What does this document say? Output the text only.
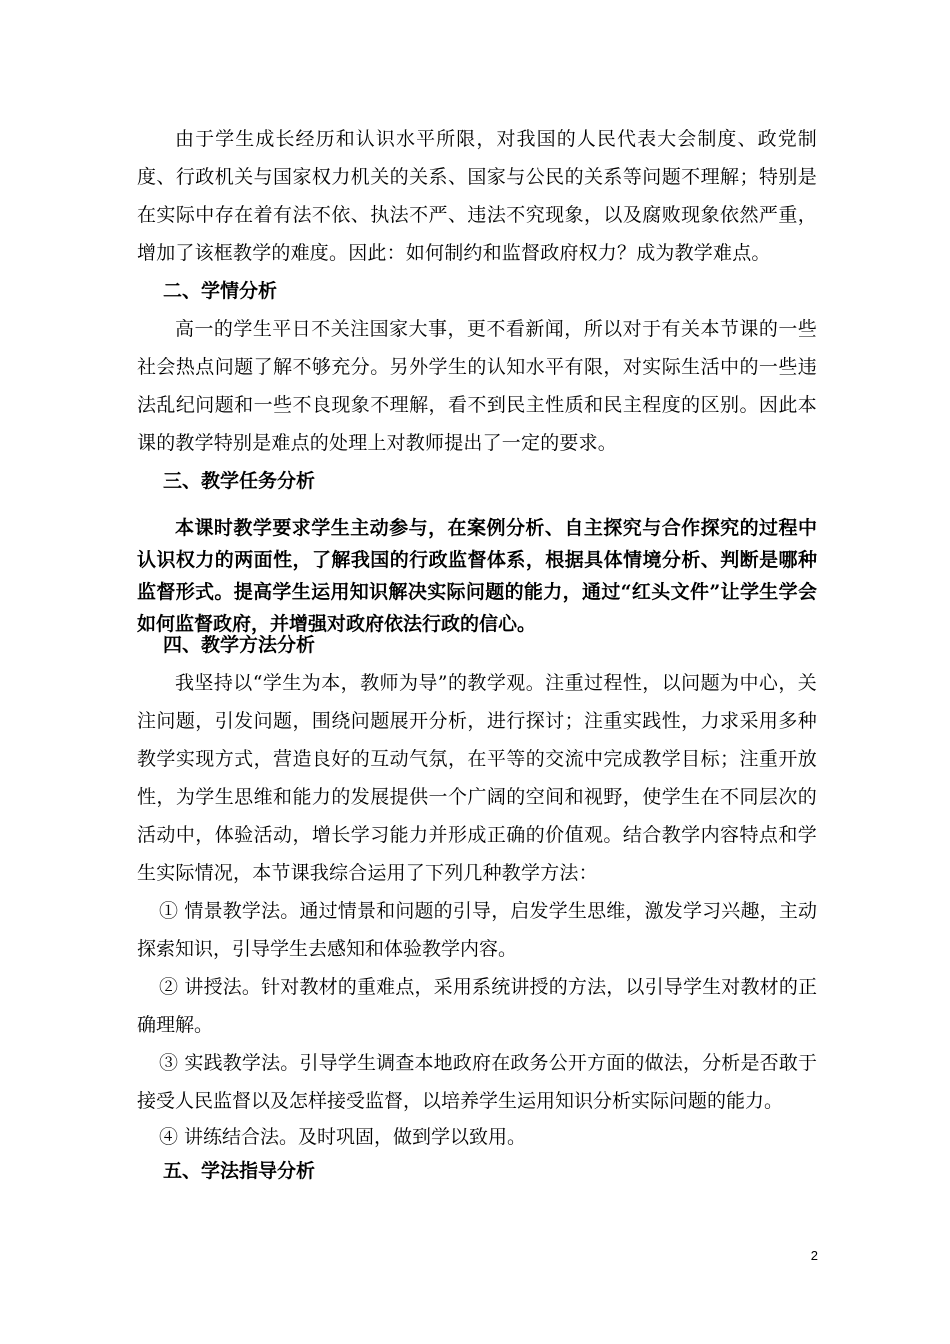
由于学生成长经历和认识水平所限，对我国的人民代表大会制度、政党制度、行政机关与国家权力机关的关系、国家与公民的关系等问题不理解；特别是在实际中存在着有法不依、执法不严、违法不究现象，以及腐败现象依然严重，增加了该框教学的难度。因此：如何制约和监督政府权力？成为教学难点。

二、学情分析

高一的学生平日不关注国家大事，更不看新闻，所以对于有关本节课的一些社会热点问题了解不够充分。另外学生的认知水平有限，对实际生活中的一些违法乱纪问题和一些不良现象不理解，看不到民主性质和民主程度的区别。因此本课的教学特别是难点的处理上对教师提出了一定的要求。

三、教学任务分析

本课时教学要求学生主动参与，在案例分析、自主探究与合作探究的过程中认识权力的两面性，了解我国的行政监督体系，根据具体情境分析、判断是哪种监督形式。提高学生运用知识解决实际问题的能力，通过“红头文件”让学生学会如何监督政府，并增强对政府依法行政的信心。

四、教学方法分析

我坚持以“学生为本，教师为导”的教学观。注重过程性，以问题为中心，关注问题，引发问题，围绕问题展开分析，进行探讨；注重实践性，力求采用多种教学实现方式，营造良好的互动气氛，在平等的交流中完成教学目标；注重开放性，为学生思维和能力的发展提供一个广阔的空间和视野，使学生在不同层次的活动中，体验活动，增长学习能力并形成正确的价值观。结合教学内容特点和学生实际情况，本节课我综合运用了下列几种教学方法：

① 情景教学法。通过情景和问题的引导，启发学生思维，激发学习兴趣，主动探索知识，引导学生去感知和体验教学内容。

② 讲授法。针对教材的重难点，采用系统讲授的方法，以引导学生对教材的正确理解。

③ 实践教学法。引导学生调查本地政府在政务公开方面的做法，分析是否敢于接受人民监督以及怎样接受监督，以培养学生运用知识分析实际问题的能力。

④ 讲练结合法。及时巩固，做到学以致用。

五、学法指导分析

2
